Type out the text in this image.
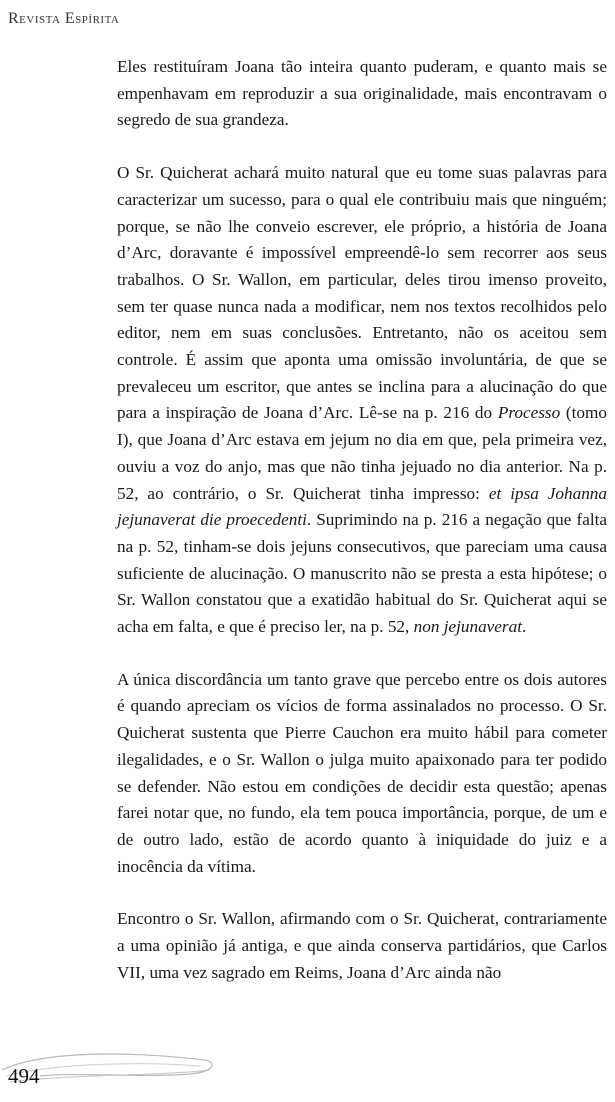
Revista Espírita

Eles restituíram Joana tão inteira quanto puderam, e quanto mais se empenhavam em reproduzir a sua originalidade, mais encontravam o segredo de sua grandeza.

O Sr. Quicherat achará muito natural que eu tome suas palavras para caracterizar um sucesso, para o qual ele contribuiu mais que ninguém; porque, se não lhe conveio escrever, ele próprio, a história de Joana d’Arc, doravante é impossível empreendê-lo sem recorrer aos seus trabalhos. O Sr. Wallon, em particular, deles tirou imenso proveito, sem ter quase nunca nada a modificar, nem nos textos recolhidos pelo editor, nem em suas conclusões. Entretanto, não os aceitou sem controle. É assim que aponta uma omissão involuntária, de que se prevaleceu um escritor, que antes se inclina para a alucinação do que para a inspiração de Joana d’Arc. Lê-se na p. 216 do Processo (tomo I), que Joana d’Arc estava em jejum no dia em que, pela primeira vez, ouviu a voz do anjo, mas que não tinha jejuado no dia anterior. Na p. 52, ao contrário, o Sr. Quicherat tinha impresso: et ipsa Johanna jejunaverat die proecedenti. Suprimindo na p. 216 a negação que falta na p. 52, tinham-se dois jejuns consecutivos, que pareciam uma causa suficiente de alucinação. O manuscrito não se presta a esta hipótese; o Sr. Wallon constatou que a exatidão habitual do Sr. Quicherat aqui se acha em falta, e que é preciso ler, na p. 52, non jejunaverat.

A única discordância um tanto grave que percebo entre os dois autores é quando apreciam os vícios de forma assinalados no processo. O Sr. Quicherat sustenta que Pierre Cauchon era muito hábil para cometer ilegalidades, e o Sr. Wallon o julga muito apaixonado para ter podido se defender. Não estou em condições de decidir esta questão; apenas farei notar que, no fundo, ela tem pouca importância, porque, de um e de outro lado, estão de acordo quanto à iniquidade do juiz e a inocência da vítima.

Encontro o Sr. Wallon, afirmando com o Sr. Quicherat, contrariamente a uma opinião já antiga, e que ainda conserva partidários, que Carlos VII, uma vez sagrado em Reims, Joana d’Arc ainda não

494
